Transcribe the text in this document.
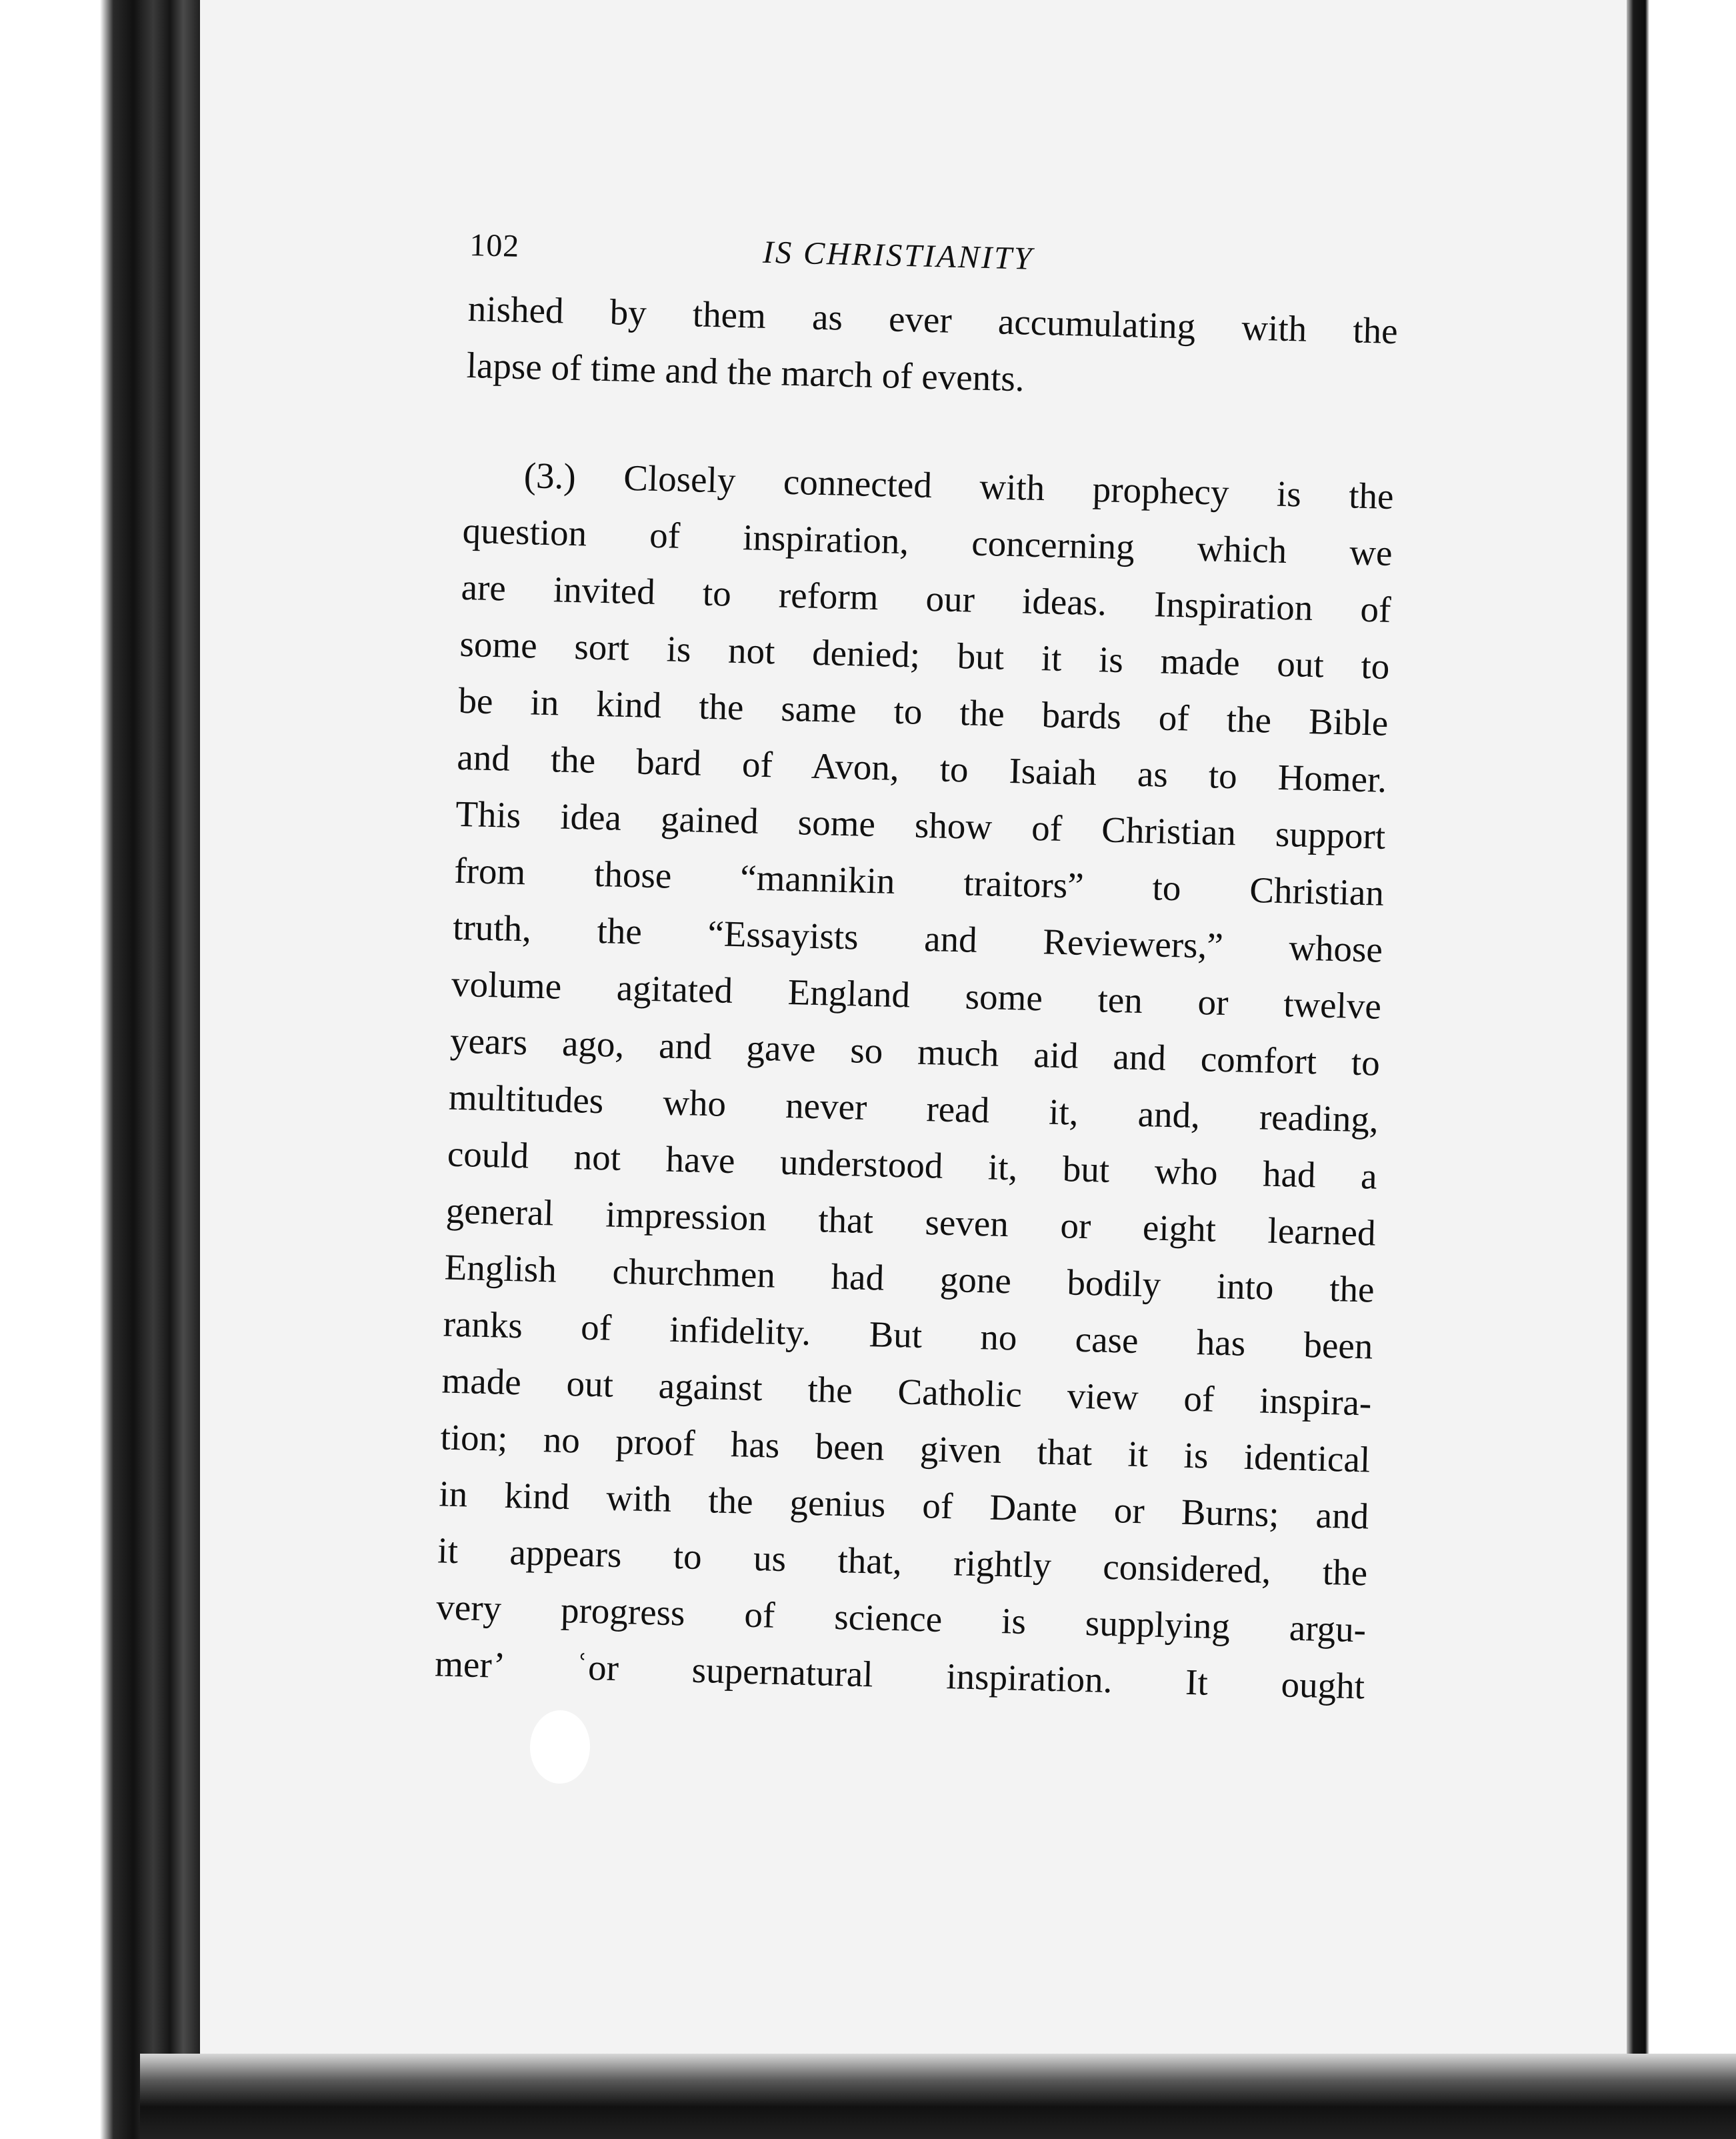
102	IS CHRISTIANITY
nished by them as ever accumulating with the
lapse of time and the march of events.
(3.) Closely connected with prophecy is the
question of inspiration, concerning which we
are invited to reform our ideas. Inspiration of
some sort is not denied; but it is made out to
be in kind the same to the bards of the Bible
and the bard of Avon, to Isaiah as to Homer.
This idea gained some show of Christian support
from those “mannikin traitors” to Christian
truth, the “Essayists and Reviewers,” whose
volume agitated England some ten or twelve
years ago, and gave so much aid and comfort to
multitudes who never read it, and, reading,
could not have understood it, but who had a
general impression that seven or eight learned
English churchmen had gone bodily into the
ranks of infidelity. But no case has been
made out against the Catholic view of inspira-
tion; no proof has been given that it is identical
in kind with the genius of Dante or Burns; and
it appears to us that, rightly considered, the
very progress of science is supplying argu-
mer’ ʿor supernatural inspiration. It ought
